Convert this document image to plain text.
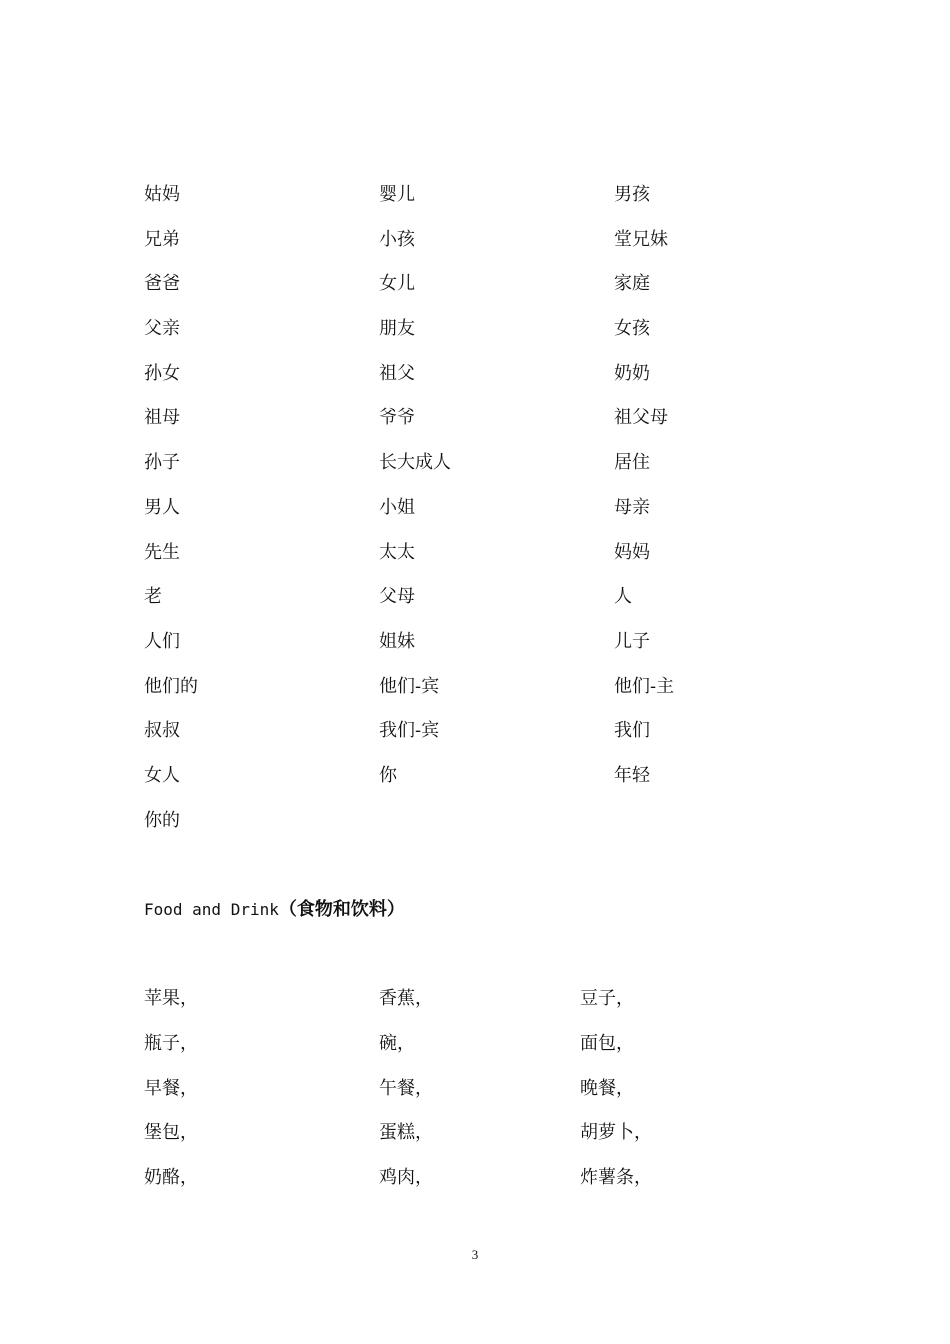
姑妈	婴儿	男孩
兄弟	小孩	堂兄妹
爸爸	女儿	家庭
父亲	朋友	女孩
孙女	祖父	奶奶
祖母	爷爷	祖父母
孙子	长大成人	居住
男人	小姐	母亲
先生	太太	妈妈
老	父母	人
人们	姐妹	儿子
他们的	他们-宾	他们-主
叔叔	我们-宾	我们
女人	你	年轻
你的
Food and Drink（食物和饮料）
苹果，	香蕉，	豆子，
瓶子，	碗，	面包，
早餐，	午餐，	晚餐，
堡包，	蛋糕，	胡萝卜，
奶酪，	鸡肉，	炸薯条，
3
